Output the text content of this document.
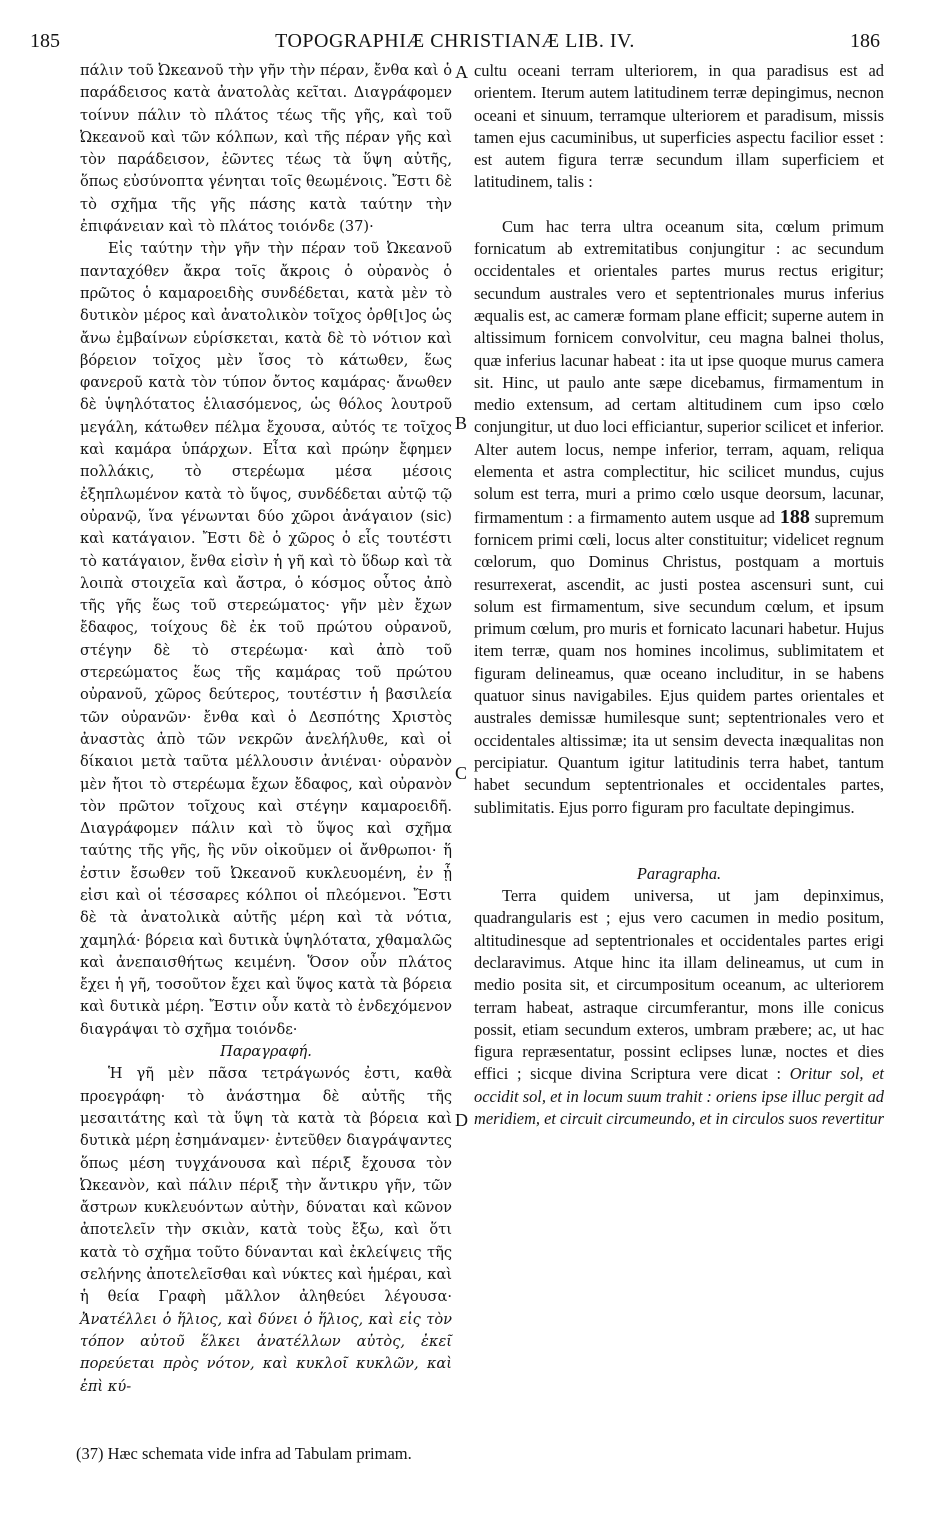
185	TOPOGRAPHIÆ CHRISTIANÆ LIB. IV.	186

πάλιν τοῦ Ὠκεανοῦ τὴν γῆν τὴν πέραν, ἔνθα καὶ ὁ παράδεισος κατὰ ἀνατολὰς κεῖται. Διαγράφομεν τοίνυν πάλιν τὸ πλάτος τέως τῆς γῆς, καὶ τοῦ Ὠκεανοῦ καὶ τῶν κόλπων, καὶ τῆς πέραν γῆς καὶ τὸν παράδεισον, ἐῶντες τέως τὰ ὕψη αὐτῆς, ὅπως εὐσύνοπτα γένηται τοῖς θεωμένοις. Ἔστι δὲ τὸ σχῆμα τῆς γῆς πάσης κατὰ ταύτην τὴν ἐπιφάνειαν καὶ τὸ πλάτος τοιόνδε (37)·

Εἰς ταύτην τὴν γῆν τὴν πέραν τοῦ Ὠκεανοῦ πανταχόθεν ἄκρα τοῖς ἄκροις ὁ οὐρανὸς ὁ πρῶτος ὁ καμαροειδὴς συνδέδεται, κατὰ μὲν τὸ δυτικὸν μέρος καὶ ἀνατολικὸν τοῖχος ὀρθ[ι]ος ὡς ἄνω ἐμβαίνων εὑρίσκεται, κατὰ δὲ τὸ νότιον καὶ βόρειον τοῖχος μὲν ἴσος τὸ κάτωθεν, ἕως φανεροῦ κατὰ τὸν τύπον ὄντος καμάρας· ἄνωθεν δὲ ὑψηλότατος ἑλιασόμενος, ὡς θόλος λουτροῦ μεγάλη, κάτωθεν πέλμα ἔχουσα, αὐτός τε τοῖχος καὶ καμάρα ὑπάρχων. Εἶτα καὶ πρώην ἔφημεν πολλάκις, τὸ στερέωμα μέσα μέσοις ἐξηπλωμένον κατὰ τὸ ὕψος, συνδέδεται αὐτῷ τῷ οὐρανῷ, ἵνα γένωνται δύο χῶροι ἀνάγαιον (sic) καὶ κατάγαιον. Ἔστι δὲ ὁ χῶρος ὁ εἷς τουτέστι τὸ κατάγαιον, ἔνθα εἰσὶν ἡ γῆ καὶ τὸ ὕδωρ καὶ τὰ λοιπὰ στοιχεῖα καὶ ἄστρα, ὁ κόσμος οὗτος ἀπὸ τῆς γῆς ἕως τοῦ στερεώματος· γῆν μὲν ἔχων ἔδαφος, τοίχους δὲ ἐκ τοῦ πρώτου οὐρανοῦ, στέγην δὲ τὸ στερέωμα· καὶ ἀπὸ τοῦ στερεώματος ἕως τῆς καμάρας τοῦ πρώτου οὐρανοῦ, χῶρος δεύτερος, τουτέστιν ἡ βασιλεία τῶν οὐρανῶν· ἔνθα καὶ ὁ Δεσπότης Χριστὸς ἀναστὰς ἀπὸ τῶν νεκρῶν ἀνελήλυθε, καὶ οἱ δίκαιοι μετὰ ταῦτα μέλλουσιν ἀνιέναι· οὐρανὸν μὲν ἤτοι τὸ στερέωμα ἔχων ἔδαφος, καὶ οὐρανὸν τὸν πρῶτον τοῖχους καὶ στέγην καμαροειδῆ. Διαγράφομεν πάλιν καὶ τὸ ὕψος καὶ σχῆμα ταύτης τῆς γῆς, ἣς νῦν οἰκοῦμεν οἱ ἄνθρωποι· ἥ ἐστιν ἔσωθεν τοῦ Ὠκεανοῦ κυκλευομένη, ἐν ᾗ εἰσι καὶ οἱ τέσσαρες κόλποι οἱ πλεόμενοι. Ἔστι δὲ τὰ ἀνατολικὰ αὐτῆς μέρη καὶ τὰ νότια, χαμηλά· βόρεια καὶ δυτικὰ ὑψηλότατα, χθαμαλῶς καὶ ἀνεπαισθήτως κειμένη. Ὅσον οὖν πλάτος ἔχει ἡ γῆ, τοσοῦτον ἔχει καὶ ὕψος κατὰ τὰ βόρεια καὶ δυτικὰ μέρη. Ἔστιν οὖν κατὰ τὸ ἐνδεχόμενον διαγράψαι τὸ σχῆμα τοιόνδε·

Παραγραφή.

Ἡ γῆ μὲν πᾶσα τετράγωνός ἐστι, καθὰ προεγράφη· τὸ ἀνάστημα δὲ αὐτῆς τῆς μεσαιτάτης καὶ τὰ ὕψη τὰ κατὰ τὰ βόρεια καὶ δυτικὰ μέρη ἐσημάναμεν· ἐντεῦθεν διαγράψαντες ὅπως μέση τυγχάνουσα καὶ πέριξ ἔχουσα τὸν Ὠκεανὸν, καὶ πάλιν πέριξ τὴν ἄντικρυ γῆν, τῶν ἄστρων κυκλευόντων αὐτὴν, δύναται καὶ κῶνον ἀποτελεῖν τὴν σκιὰν, κατὰ τοὺς ἔξω, καὶ ὅτι κατὰ τὸ σχῆμα τοῦτο δύνανται καὶ ἐκλείψεις τῆς σελήνης ἀποτελεῖσθαι καὶ νύκτες καὶ ἡμέραι, καὶ ἡ θεία Γραφὴ μᾶλλον ἀληθεύει λέγουσα· Ἀνατέλλει ὁ ἥλιος, καὶ δύνει ὁ ἥλιος, καὶ εἰς τὸν τόπον αὐτοῦ ἕλκει ἀνατέλλων αὐτὸς, ἐκεῖ πορεύεται πρὸς νότον, καὶ κυκλοῖ κυκλῶν, καὶ ἐπὶ κύ-

A
B
C
D

cultu oceani terram ulteriorem, in qua paradisus est ad orientem. Iterum autem latitudinem terræ depingimus, necnon oceani et sinuum, terramque ulteriorem et paradisum, missis tamen ejus cacuminibus, ut superficies aspectu facilior esset : est autem figura terræ secundum illam superficiem et latitudinem, talis :

Cum hac terra ultra oceanum sita, cœlum primum fornicatum ab extremitatibus conjungitur : ac secundum occidentales et orientales partes murus rectus erigitur; secundum australes vero et septentrionales murus inferius æqualis est, ac cameræ formam plane efficit; superne autem in altissimum fornicem convolvitur, ceu magna balnei tholus, quæ inferius lacunar habeat : ita ut ipse quoque murus camera sit. Hinc, ut paulo ante sæpe dicebamus, firmamentum in medio extensum, ad certam altitudinem cum ipso cœlo conjungitur, ut duo loci efficiantur, superior scilicet et inferior. Alter autem locus, nempe inferior, terram, aquam, reliqua elementa et astra complectitur, hic scilicet mundus, cujus solum est terra, muri a primo cœlo usque deorsum, lacunar, firmamentum : a firmamento autem usque ad 188 supremum fornicem primi cœli, locus alter constituitur; videlicet regnum cœlorum, quo Dominus Christus, postquam a mortuis resurrexerat, ascendit, ac justi postea ascensuri sunt, cui solum est firmamentum, sive secundum cœlum, et ipsum primum cœlum, pro muris et fornicato lacunari habetur. Hujus item terræ, quam nos homines incolimus, sublimitatem et figuram delineamus, quæ oceano includitur, in se habens quatuor sinus navigabiles. Ejus quidem partes orientales et australes demissæ humilesque sunt; septentrionales vero et occidentales altissimæ; ita ut sensim devecta inæqualitas non percipiatur. Quantum igitur latitudinis terra habet, tantum habet secundum septentrionales et occidentales partes, sublimitatis. Ejus porro figuram pro facultate depingimus.

Paragrapha.

Terra quidem universa, ut jam depinximus, quadrangularis est ; ejus vero cacumen in medio positum, altitudinesque ad septentrionales et occidentales partes erigi declaravimus. Atque hinc ita illam delineamus, ut cum in medio posita sit, et circumpositum oceanum, ac ulteriorem terram habeat, astraque circumferantur, mons ille conicus possit, etiam secundum exteros, umbram præbere; ac, ut hac figura repræsentatur, possint eclipses lunæ, noctes et dies effici ; sicque divina Scriptura vere dicat : Oritur sol, et occidit sol, et in locum suum trahit : oriens ipse illuc pergit ad meridiem, et circuit circumeundo, et in circulos suos revertitur

(37) Hæc schemata vide infra ad Tabulam primam.
